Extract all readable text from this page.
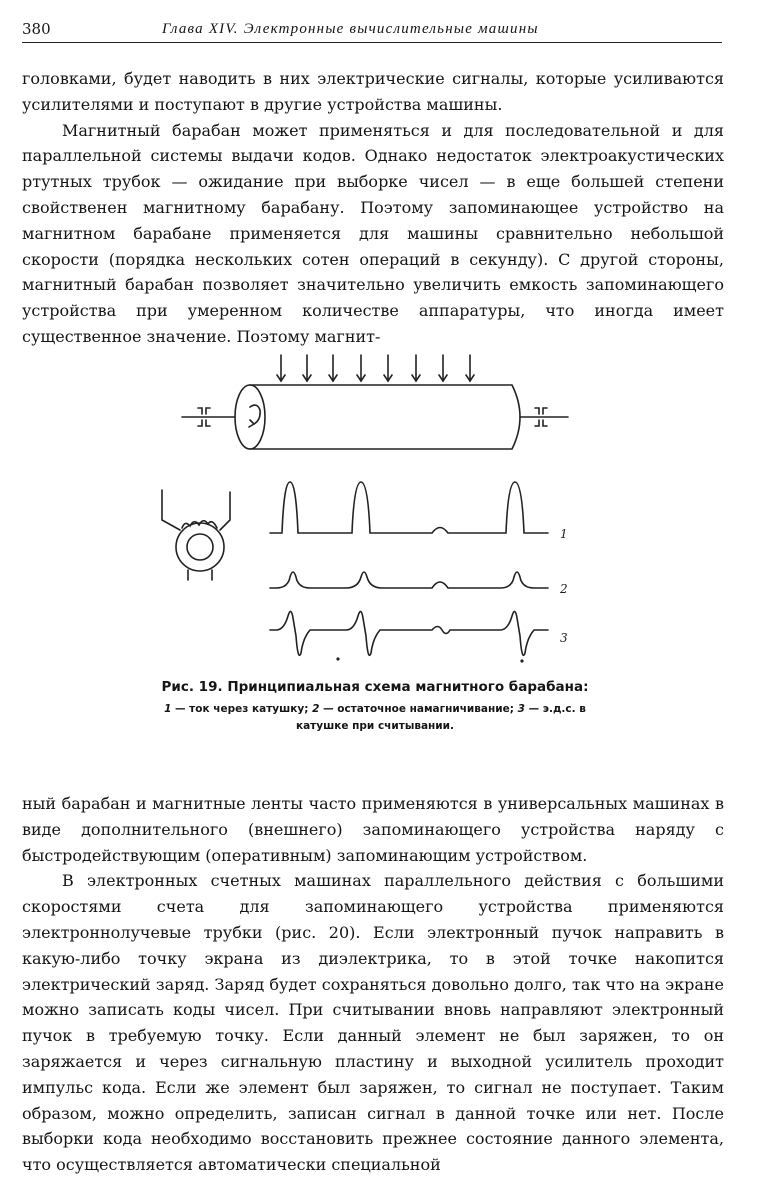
380	Глава XIV. Электронные вычислительные машины

головками, будет наводить в них электрические сигналы, которые усиливаются усилителями и поступают в другие устройства машины.

Магнитный барабан может применяться и для последовательной и для параллельной системы выдачи кодов. Однако недостаток электроакустических ртутных трубок — ожидание при выборке чисел — в еще большей степени свойственен магнитному барабану. Поэтому запоминающее устройство на магнитном барабане применяется для машины сравнительно небольшой скорости (порядка нескольких сотен операций в секунду). С другой стороны, магнитный барабан позволяет значительно увеличить емкость запоминающего устройства при умеренном количестве аппаратуры, что иногда имеет существенное значение. Поэтому магнит-

1
2
3
Рис. 19. Принципиальная схема магнитного барабана:
1 — ток через катушку; 2 — остаточное намагничивание; 3 — э.д.с. в катушке при считывании.

ный барабан и магнитные ленты часто применяются в универсальных машинах в виде дополнительного (внешнего) запоминающего устройства наряду с быстродействующим (оперативным) запоминающим устройством.

В электронных счетных машинах параллельного действия с большими скоростями счета для запоминающего устройства применяются электроннолучевые трубки (рис. 20). Если электронный пучок направить в какую-либо точку экрана из диэлектрика, то в этой точке накопится электрический заряд. Заряд будет сохраняться довольно долго, так что на экране можно записать коды чисел. При считывании вновь направляют электронный пучок в требуемую точку. Если данный элемент не был заряжен, то он заряжается и через сигнальную пластину и выходной усилитель проходит импульс кода. Если же элемент был заряжен, то сигнал не поступает. Таким образом, можно определить, записан сигнал в данной точке или нет. После выборки кода необходимо восстановить прежнее состояние данного элемента, что осуществляется автоматически специальной
